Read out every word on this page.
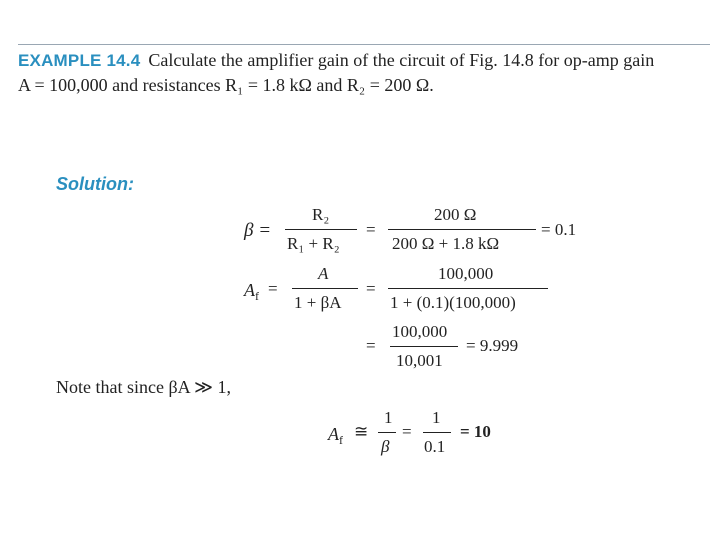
EXAMPLE 14.4 Calculate the amplifier gain of the circuit of Fig. 14.8 for op-amp gain
A = 100,000 and resistances R₁ = 1.8 kΩ and R₂ = 200 Ω.
Solution:
β =
R₂
R₁ + R₂
=
200 Ω
200 Ω + 1.8 kΩ
= 0.1
$A_f$ =
A
1 + βA
=
100,000
1 + (0.1)(100,000)
=
100,000
10,001
= 9.999
Note that since βA ≫ 1,
$A_f$ ≅
1
β
=
1
0.1
= 10
